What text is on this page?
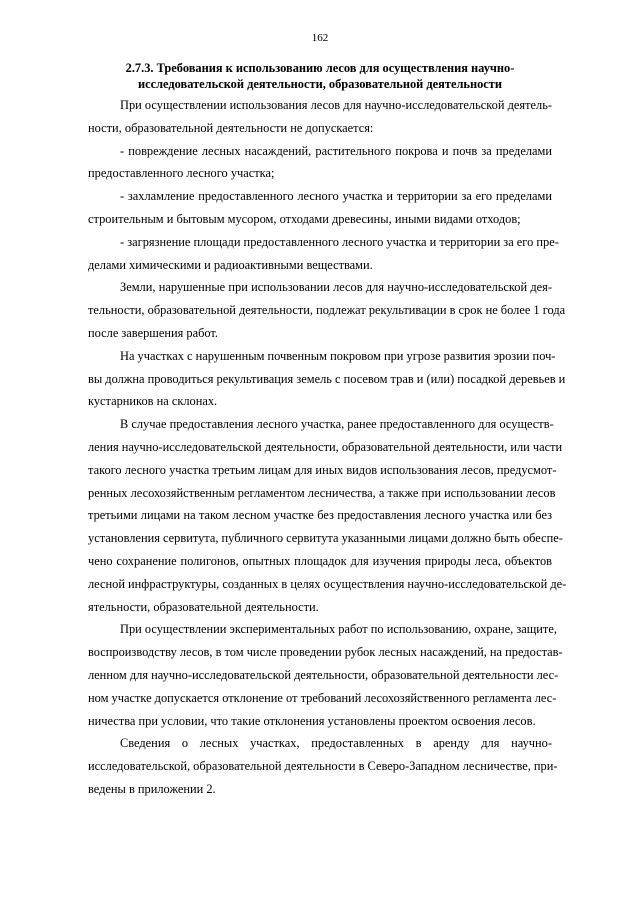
162
2.7.3. Требования к использованию лесов для осуществления научно-
исследовательской деятельности, образовательной деятельности
При осуществлении использования лесов для научно-исследовательской деятель-
ности, образовательной деятельности не допускается:
- повреждение лесных насаждений, растительного покрова и почв за пределами
предоставленного лесного участка;
- захламление предоставленного лесного участка и территории за его пределами
строительным и бытовым мусором, отходами древесины, иными видами отходов;
- загрязнение площади предоставленного лесного участка и территории за его пре-
делами химическими и радиоактивными веществами.
Земли, нарушенные при использовании лесов для научно-исследовательской дея-
тельности, образовательной деятельности, подлежат рекультивации в срок не более 1 года
после завершения работ.
На участках с нарушенным почвенным покровом при угрозе развития эрозии поч-
вы должна проводиться рекультивация земель с посевом трав и (или) посадкой деревьев и
кустарников на склонах.
В случае предоставления лесного участка, ранее предоставленного для осуществ-
ления научно-исследовательской деятельности, образовательной деятельности, или части
такого лесного участка третьим лицам для иных видов использования лесов, предусмот-
ренных лесохозяйственным регламентом лесничества, а также при использовании лесов
третьими лицами на таком лесном участке без предоставления лесного участка или без
установления сервитута, публичного сервитута указанными лицами должно быть обеспе-
чено сохранение полигонов, опытных площадок для изучения природы леса, объектов
лесной инфраструктуры, созданных в целях осуществления научно-исследовательской де-
ятельности, образовательной деятельности.
При осуществлении экспериментальных работ по использованию, охране, защите,
воспроизводству лесов, в том числе проведении рубок лесных насаждений, на предостав-
ленном для научно-исследовательской деятельности, образовательной деятельности лес-
ном участке допускается отклонение от требований лесохозяйственного регламента лес-
ничества при условии, что такие отклонения установлены проектом освоения лесов.
Сведения о лесных участках, предоставленных в аренду для научно-
исследовательской, образовательной деятельности в Северо-Западном лесничестве, при-
ведены в приложении 2.
